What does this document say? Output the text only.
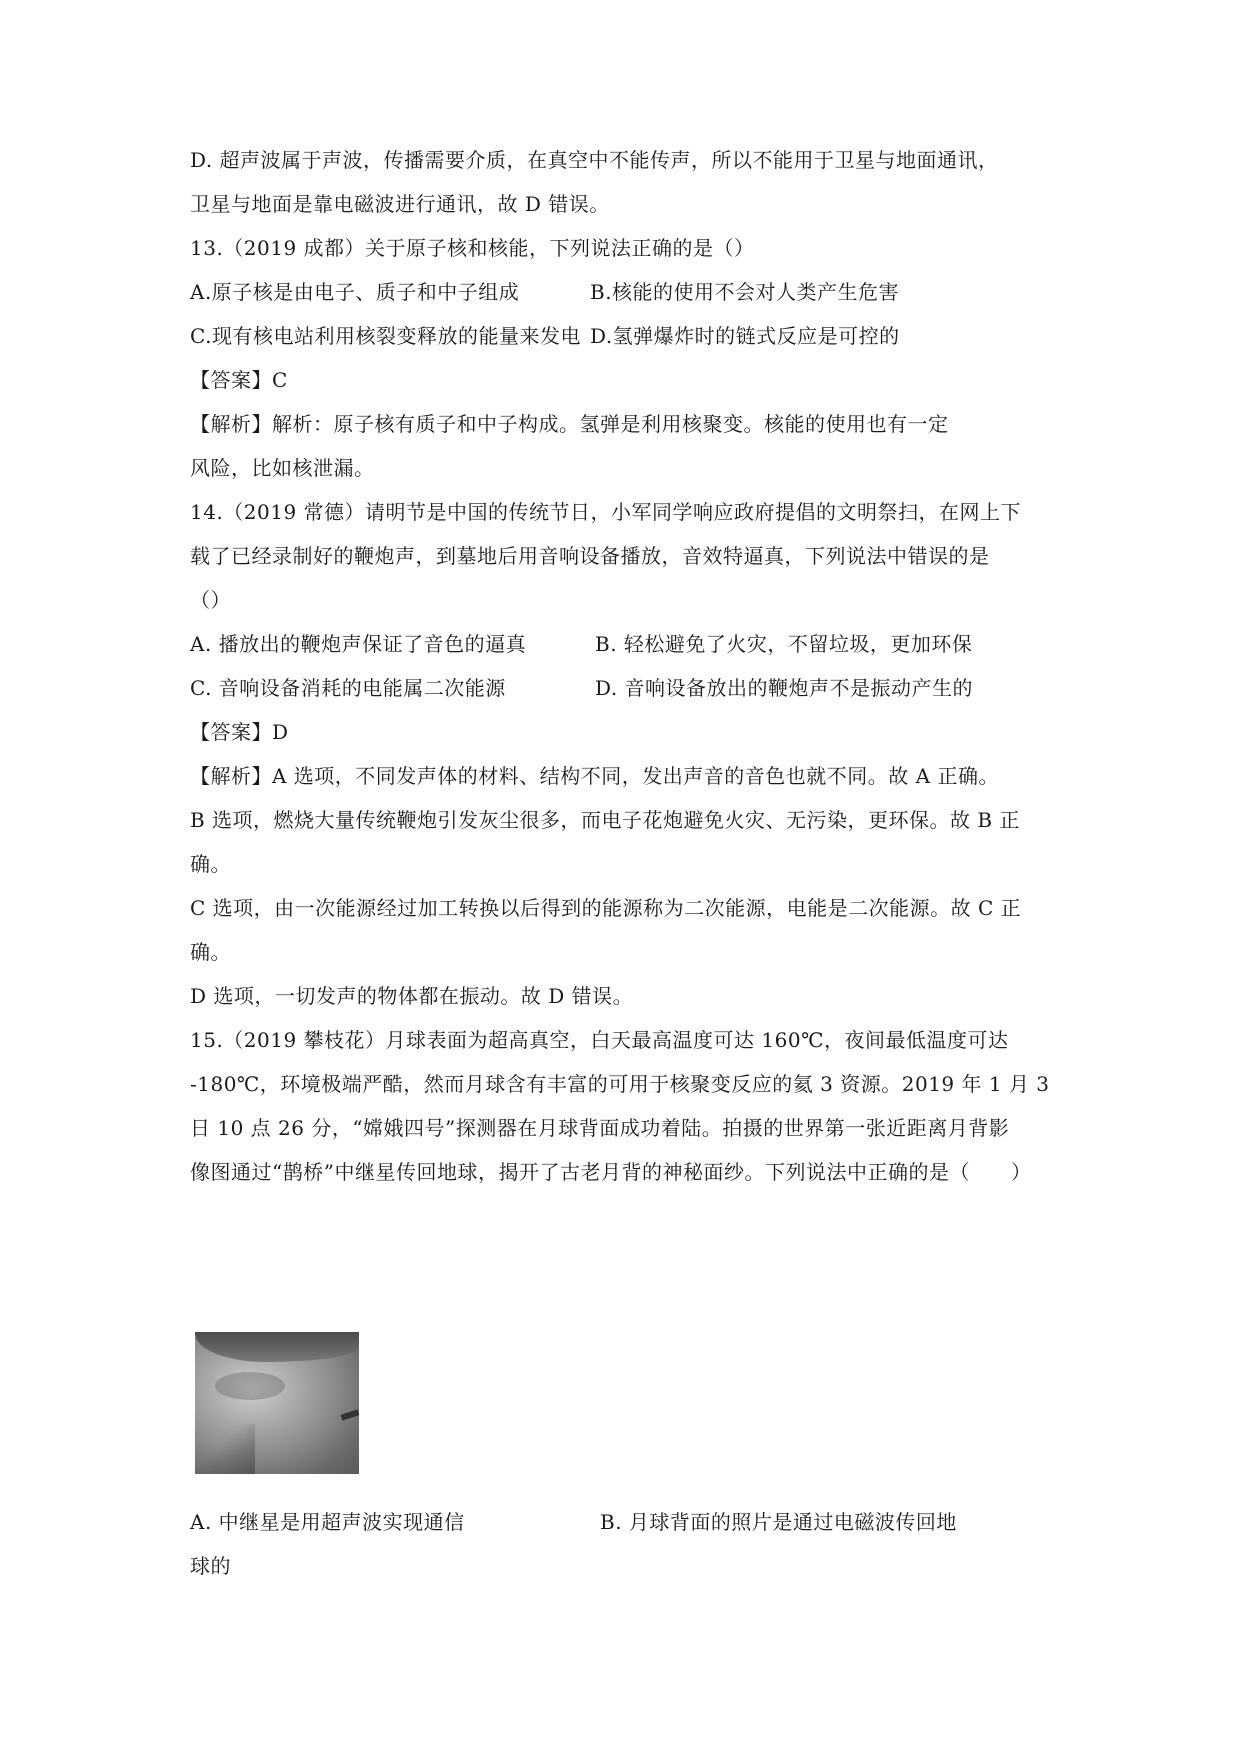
D. 超声波属于声波，传播需要介质，在真空中不能传声，所以不能用于卫星与地面通讯，
卫星与地面是靠电磁波进行通讯，故 D 错误。
13.（2019 成都）关于原子核和核能，下列说法正确的是（）
A.原子核是由电子、质子和中子组成	B.核能的使用不会对人类产生危害
C.现有核电站利用核裂变释放的能量来发电 D.氢弹爆炸时的链式反应是可控的
【答案】C
【解析】解析：原子核有质子和中子构成。氢弹是利用核聚变。核能的使用也有一定
风险，比如核泄漏。
14.（2019 常德）请明节是中国的传统节日，小军同学响应政府提倡的文明祭扫，在网上下
载了已经录制好的鞭炮声，到墓地后用音响设备播放，音效特逼真，下列说法中错误的是
（）
A. 播放出的鞭炮声保证了音色的逼真	B. 轻松避免了火灾，不留垃圾，更加环保
C. 音响设备消耗的电能属二次能源	D. 音响设备放出的鞭炮声不是振动产生的
【答案】D
【解析】A 选项，不同发声体的材料、结构不同，发出声音的音色也就不同。故 A 正确。
B 选项，燃烧大量传统鞭炮引发灰尘很多，而电子花炮避免火灾、无污染，更环保。故 B 正
确。
C 选项，由一次能源经过加工转换以后得到的能源称为二次能源，电能是二次能源。故 C 正
确。
D 选项，一切发声的物体都在振动。故 D 错误。
15.（2019 攀枝花）月球表面为超高真空，白天最高温度可达 160℃，夜间最低温度可达
-180℃，环境极端严酷，然而月球含有丰富的可用于核聚变反应的氦 3 资源。2019 年 1 月 3
日 10 点 26 分，“嫦娥四号”探测器在月球背面成功着陆。拍摄的世界第一张近距离月背影
像图通过“鹊桥”中继星传回地球，揭开了古老月背的神秘面纱。下列说法中正确的是（　　）
A. 中继星是用超声波实现通信	B. 月球背面的照片是通过电磁波传回地
球的
